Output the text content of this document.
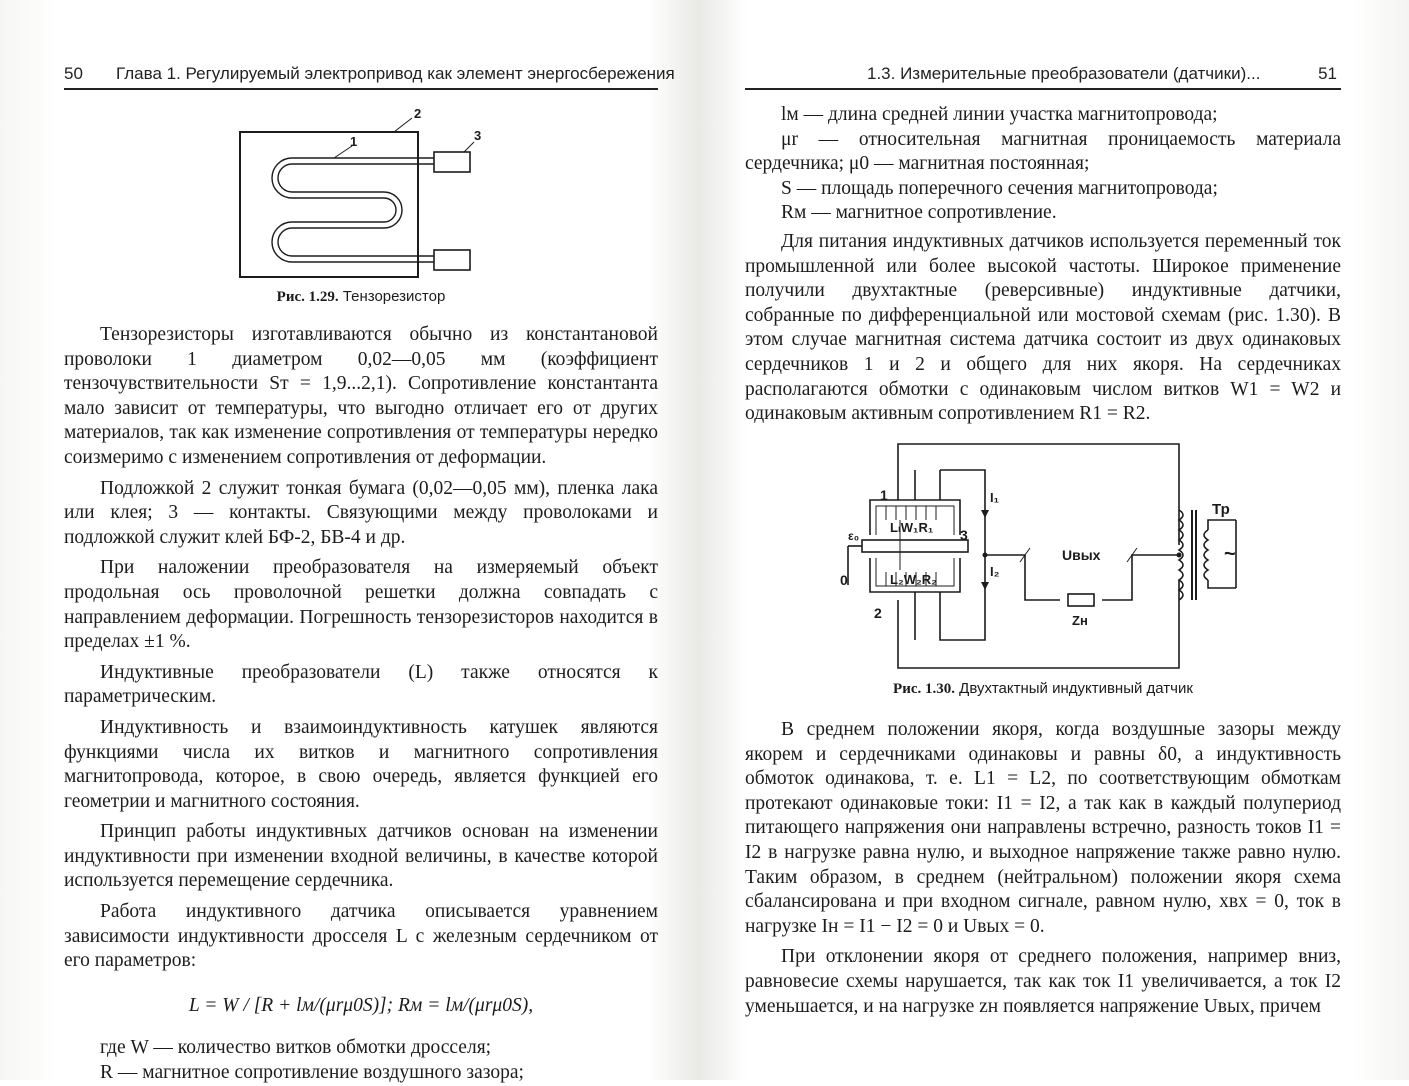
50 Глава 1. Регулируемый электропривод как элемент энергосбережения
1
2
3
Рис. 1.29. Тензорезистор

Тензорезисторы изготавливаются обычно из константановой проволоки 1 диаметром 0,02—0,05 мм (коэффициент тензочувствительности Sт = 1,9...2,1). Сопротивление константанта мало зависит от температуры, что выгодно отличает его от других материалов, так как изменение сопротивления от температуры нередко соизмеримо с изменением сопротивления от деформации.

Подложкой 2 служит тонкая бумага (0,02—0,05 мм), пленка лака или клея; 3 — контакты. Связующими между проволоками и подложкой служит клей БФ-2, БВ-4 и др.

При наложении преобразователя на измеряемый объект продольная ось проволочной решетки должна совпадать с направлением деформации. Погрешность тензорезисторов находится в пределах ±1 %.

Индуктивные преобразователи (L) также относятся к параметрическим.

Индуктивность и взаимоиндуктивность катушек являются функциями числа их витков и магнитного сопротивления магнитопровода, которое, в свою очередь, является функцией его геометрии и магнитного состояния.

Принцип работы индуктивных датчиков основан на изменении индуктивности при изменении входной величины, в качестве которой используется перемещение сердечника.

Работа индуктивного датчика описывается уравнением зависимости индуктивности дросселя L с железным сердечником от его параметров:

L = W / [R + lм/(μrμ0S)]; Rм = lм/(μrμ0S),

где W — количество витков обмотки дросселя;

R — магнитное сопротивление воздушного зазора;

1.3. Измерительные преобразователи (датчики)...	51

lм — длина средней линии участка магнитопровода;

μr — относительная магнитная проницаемость материала сердечника; μ0 — магнитная постоянная;

S — площадь поперечного сечения магнитопровода;

Rм — магнитное сопротивление.

Для питания индуктивных датчиков используется переменный ток промышленной или более высокой частоты. Широкое применение получили двухтактные (реверсивные) индуктивные датчики, собранные по дифференциальной или мостовой схемам (рис. 1.30). В этом случае магнитная система датчика состоит из двух одинаковых сердечников 1 и 2 и общего для них якоря. На сердечниках располагаются обмотки с одинаковым числом витков W1 = W2 и одинаковым активным сопротивлением R1 = R2.

1
2
3
LₗW₁R₁
L₂W₂R₂
I₁
I₂
ε₀
0
Uвых
Zн
Тр
~
Рис. 1.30. Двухтактный индуктивный датчик

В среднем положении якоря, когда воздушные зазоры между якорем и сердечниками одинаковы и равны δ0, а индуктивность обмоток одинакова, т. е. L1 = L2, по соответствующим обмоткам протекают одинаковые токи: I1 = I2, а так как в каждый полупериод питающего напряжения они направлены встречно, разность токов I1 = I2 в нагрузке равна нулю, и выходное напряжение также равно нулю. Таким образом, в среднем (нейтральном) положении якоря схема сбалансирована и при входном сигнале, равном нулю, xвх = 0, ток в нагрузке Iн = I1 − I2 = 0 и Uвых = 0.

При отклонении якоря от среднего положения, например вниз, равновесие схемы нарушается, так как ток I1 увеличивается, а ток I2 уменьшается, и на нагрузке zн появляется напряжение Uвых, причем
